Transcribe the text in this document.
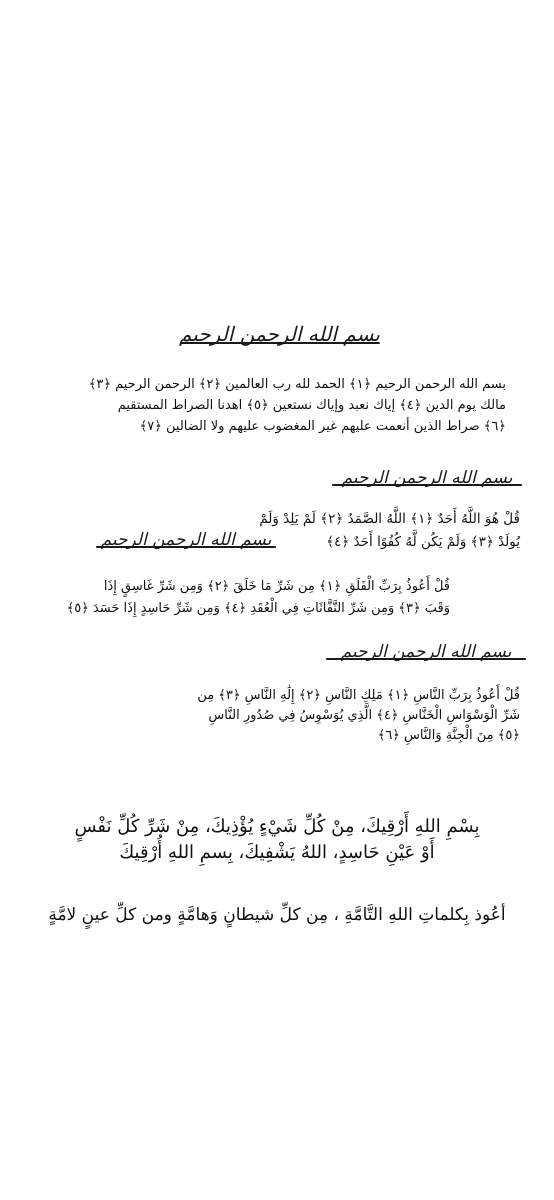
بسم الله الرحمن الرحيم

بسم الله الرحمن الرحيم ﴿١﴾ الحمد لله رب العالمين ﴿٢﴾ الرحمن الرحيم ﴿٣﴾

مالك يوم الدين ﴿٤﴾ إياك نعبد وإياك نستعين ﴿٥﴾ اهدنا الصراط المستقيم

﴿٦﴾ صراط الذين أنعمت عليهم غير المغضوب عليهم ولا الضالين ﴿٧﴾

بسم الله الرحمن الرحيم

قُلْ هُوَ اللَّهُ أَحَدٌ ﴿١﴾ اللَّهُ الصَّمَدُ ﴿٢﴾ لَمْ يَلِدْ وَلَمْ

يُولَدْ ﴿٣﴾ وَلَمْ يَكُن لَّهُ كُفُوًا أَحَدٌ ﴿٤﴾

بسم الله الرحمن الرحيم

قُلْ أَعُوذُ بِرَبِّ الْفَلَقِ ﴿١﴾ مِن شَرِّ مَا خَلَقَ ﴿٢﴾ وَمِن شَرِّ غَاسِقٍ إِذَا

وَقَبَ ﴿٣﴾ وَمِن شَرِّ النَّفَّاثَاتِ فِي الْعُقَدِ ﴿٤﴾ وَمِن شَرِّ حَاسِدٍ إِذَا حَسَدَ ﴿٥﴾

بسم الله الرحمن الرحيم

قُلْ أَعُوذُ بِرَبِّ النَّاسِ ﴿١﴾ مَلِكِ النَّاسِ ﴿٢﴾ إِلَٰهِ النَّاسِ ﴿٣﴾ مِن

شَرِّ الْوَسْوَاسِ الْخَنَّاسِ ﴿٤﴾ الَّذِي يُوَسْوِسُ فِي صُدُورِ النَّاسِ

﴿٥﴾ مِنَ الْجِنَّةِ وَالنَّاسِ ﴿٦﴾

بِسْمِ اللهِ أَرْقِيكَ، مِنْ كُلِّ شَيْءٍ يُؤْذِيكَ، مِنْ شَرِّ كُلِّ نَفْسٍ

أَوْ عَيْنِ حَاسِدٍ، اللهُ يَشْفِيكَ، بِسمِ اللهِ أُرْقِيكَ

أعُوذ بِكلماتِ اللهِ التَّامَّةِ ، مِن كلِّ شيطانٍ وَهامَّةٍ ومن كلِّ عينٍ لامَّةٍ
